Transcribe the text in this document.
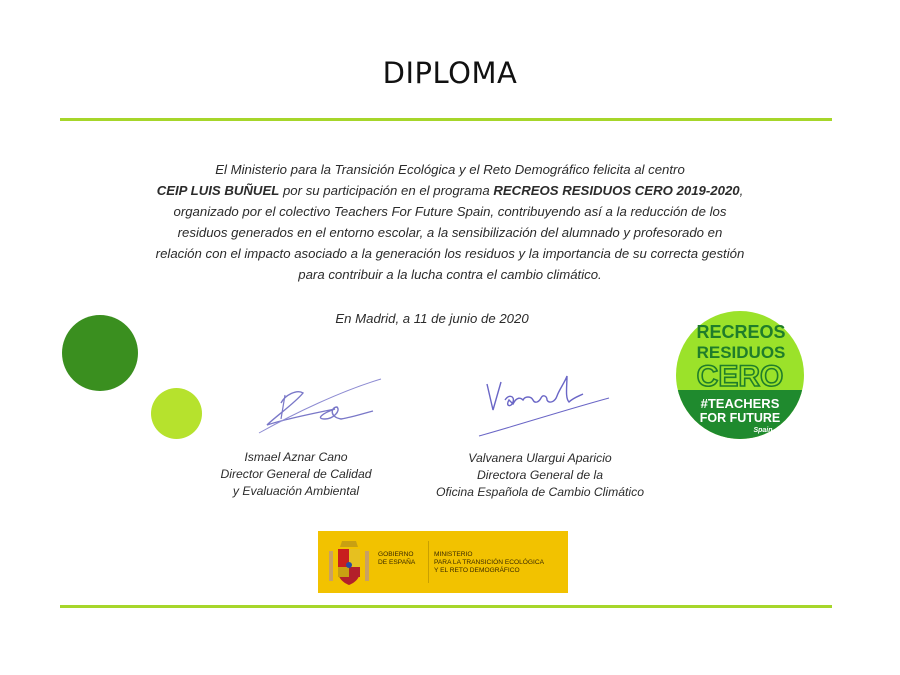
DIPLOMA
El Ministerio para la Transición Ecológica y el Reto Demográfico felicita al centro
CEIP LUIS BUÑUEL por su participación en el programa RECREOS RESIDUOS CERO 2019-2020,
organizado por el colectivo Teachers For Future Spain, contribuyendo así a la reducción de los
residuos generados en el entorno escolar, a la sensibilización del alumnado y profesorado en
relación con el impacto asociado a la generación los residuos y la importancia de su correcta gestión
para contribuir a la lucha contra el cambio climático.
En Madrid, a 11 de junio de 2020
Ismael Aznar Cano
Director General de Calidad
y Evaluación Ambiental
Valvanera Ulargui Aparicio
Directora General de la
Oficina Española de Cambio Climático
RECREOS
RESIDUOS
CERO
#TEACHERS
FOR FUTURE
Spain
GOBIERNO
DE ESPAÑA
MINISTERIO
PARA LA TRANSICIÓN ECOLÓGICA
Y EL RETO DEMOGRÁFICO
